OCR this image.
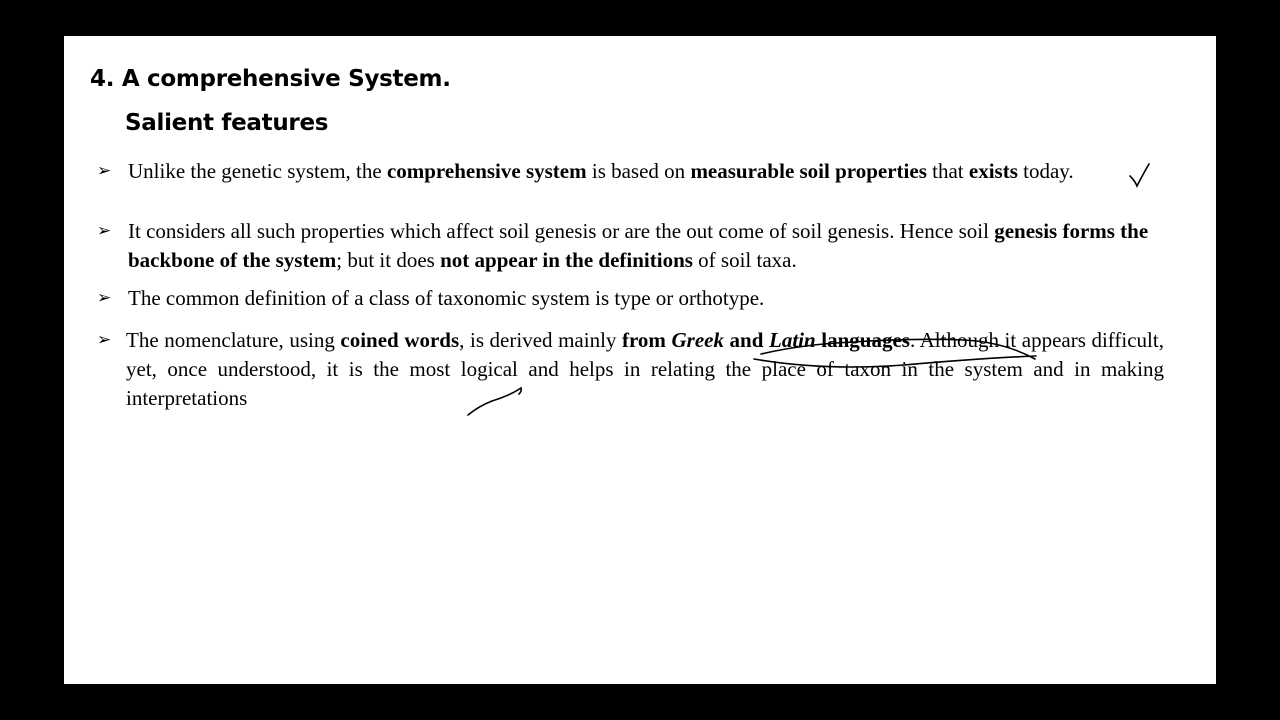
4. A comprehensive System.
Salient features
➢ Unlike the genetic system, the comprehensive system is based on measurable soil properties that exists today.
➢ It considers all such properties which affect soil genesis or are the out come of soil genesis. Hence soil genesis forms the backbone of the system; but it does not appear in the definitions of soil taxa.
➢ The common definition of a class of taxonomic system is type or orthotype.
➢ The nomenclature, using coined words, is derived mainly from Greek and Latin languages. Although it appears difficult, yet, once understood, it is the most logical and helps in relating the place of taxon in the system and in making interpretations
